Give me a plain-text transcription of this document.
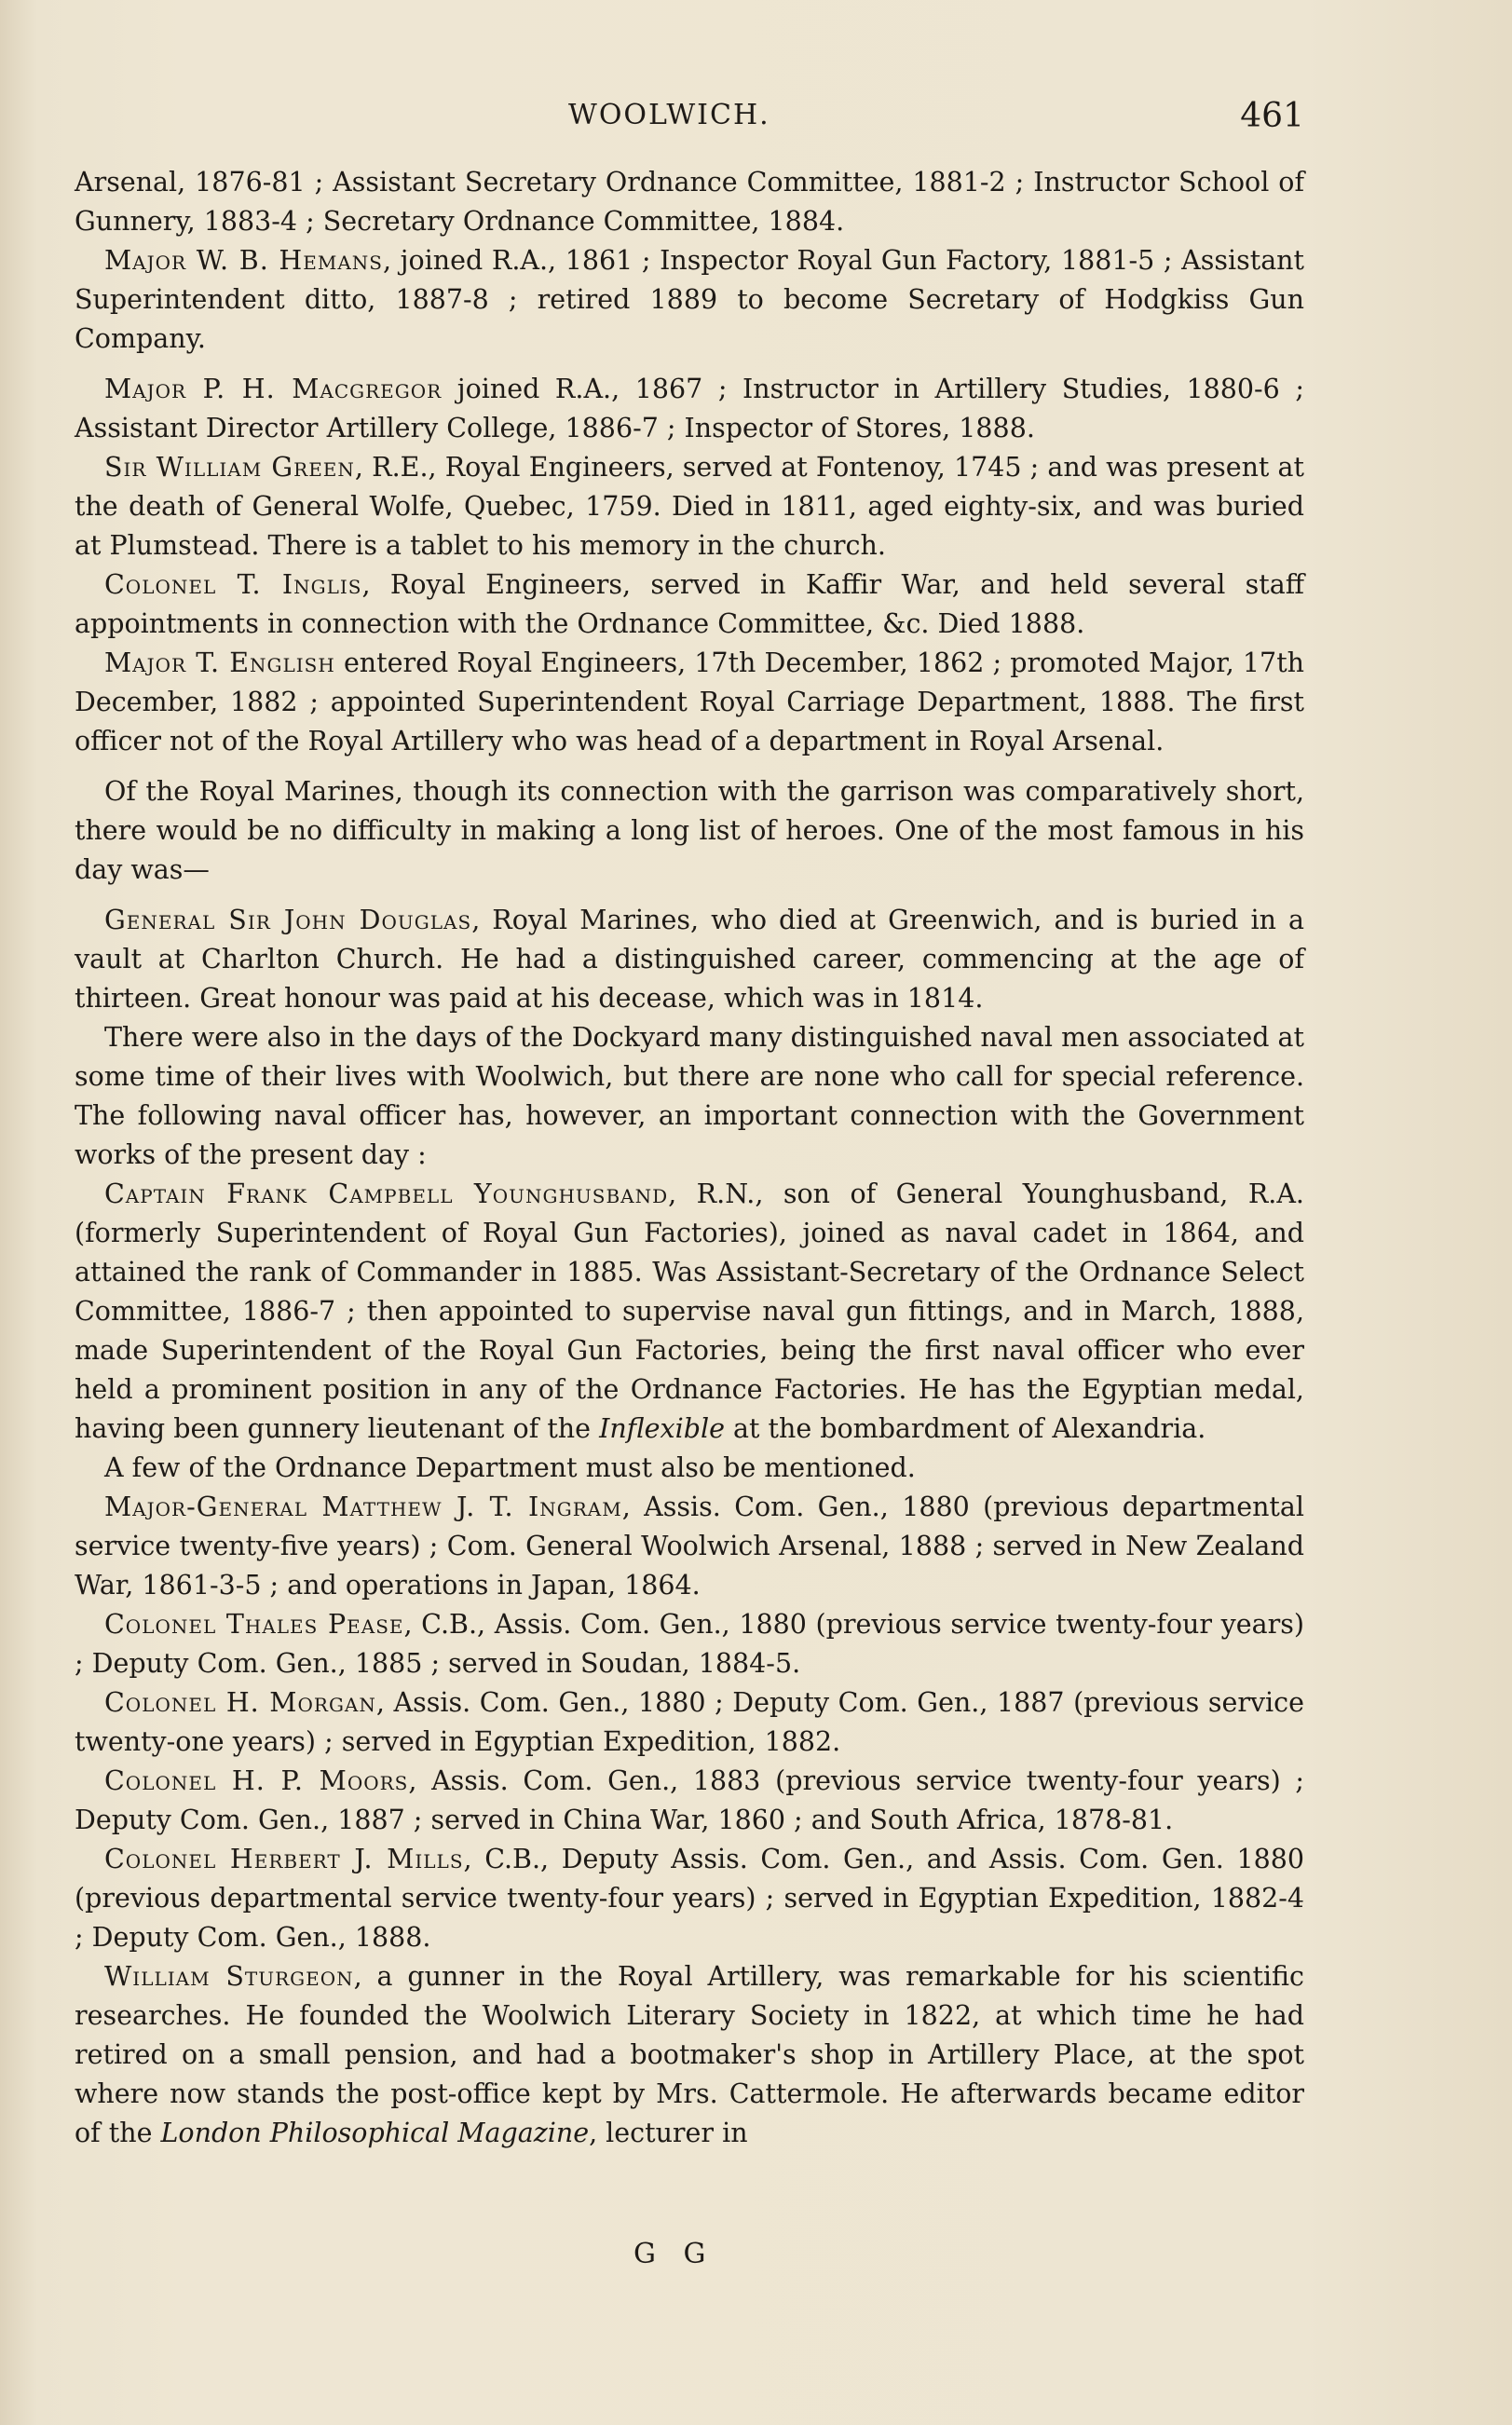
WOOLWICH.	461

Arsenal, 1876-81 ; Assistant Secretary Ordnance Committee, 1881-2 ; Instructor School of Gunnery, 1883-4 ; Secretary Ordnance Committee, 1884.

Major W. B. Hemans, joined R.A., 1861 ; Inspector Royal Gun Factory, 1881-5 ; Assistant Superintendent ditto, 1887-8 ; retired 1889 to become Secretary of Hodgkiss Gun Company.

Major P. H. Macgregor joined R.A., 1867 ; Instructor in Artillery Studies, 1880-6 ; Assistant Director Artillery College, 1886-7 ; Inspector of Stores, 1888.

Sir William Green, R.E., Royal Engineers, served at Fontenoy, 1745 ; and was present at the death of General Wolfe, Quebec, 1759. Died in 1811, aged eighty-six, and was buried at Plumstead. There is a tablet to his memory in the church.

Colonel T. Inglis, Royal Engineers, served in Kaffir War, and held several staff appointments in connection with the Ordnance Committee, &c. Died 1888.

Major T. English entered Royal Engineers, 17th December, 1862 ; promoted Major, 17th December, 1882 ; appointed Superintendent Royal Carriage Department, 1888. The first officer not of the Royal Artillery who was head of a department in Royal Arsenal.

Of the Royal Marines, though its connection with the garrison was comparatively short, there would be no difficulty in making a long list of heroes. One of the most famous in his day was—

General Sir John Douglas, Royal Marines, who died at Greenwich, and is buried in a vault at Charlton Church. He had a distinguished career, commencing at the age of thirteen. Great honour was paid at his decease, which was in 1814.

There were also in the days of the Dockyard many distinguished naval men associated at some time of their lives with Woolwich, but there are none who call for special reference. The following naval officer has, however, an important connection with the Government works of the present day :

Captain Frank Campbell Younghusband, R.N., son of General Younghusband, R.A. (formerly Superintendent of Royal Gun Factories), joined as naval cadet in 1864, and attained the rank of Commander in 1885. Was Assistant-Secretary of the Ordnance Select Committee, 1886-7 ; then appointed to supervise naval gun fittings, and in March, 1888, made Superintendent of the Royal Gun Factories, being the first naval officer who ever held a prominent position in any of the Ordnance Factories. He has the Egyptian medal, having been gunnery lieutenant of the Inflexible at the bombardment of Alexandria.

A few of the Ordnance Department must also be mentioned.

Major-General Matthew J. T. Ingram, Assis. Com. Gen., 1880 (previous departmental service twenty-five years) ; Com. General Woolwich Arsenal, 1888 ; served in New Zealand War, 1861-3-5 ; and operations in Japan, 1864.

Colonel Thales Pease, C.B., Assis. Com. Gen., 1880 (previous service twenty-four years) ; Deputy Com. Gen., 1885 ; served in Soudan, 1884-5.

Colonel H. Morgan, Assis. Com. Gen., 1880 ; Deputy Com. Gen., 1887 (previous service twenty-one years) ; served in Egyptian Expedition, 1882.

Colonel H. P. Moors, Assis. Com. Gen., 1883 (previous service twenty-four years) ; Deputy Com. Gen., 1887 ; served in China War, 1860 ; and South Africa, 1878-81.

Colonel Herbert J. Mills, C.B., Deputy Assis. Com. Gen., and Assis. Com. Gen. 1880 (previous departmental service twenty-four years) ; served in Egyptian Expedition, 1882-4 ; Deputy Com. Gen., 1888.

William Sturgeon, a gunner in the Royal Artillery, was remarkable for his scientific researches. He founded the Woolwich Literary Society in 1822, at which time he had retired on a small pension, and had a bootmaker's shop in Artillery Place, at the spot where now stands the post-office kept by Mrs. Cattermole. He afterwards became editor of the London Philosophical Magazine, lecturer in

G G
